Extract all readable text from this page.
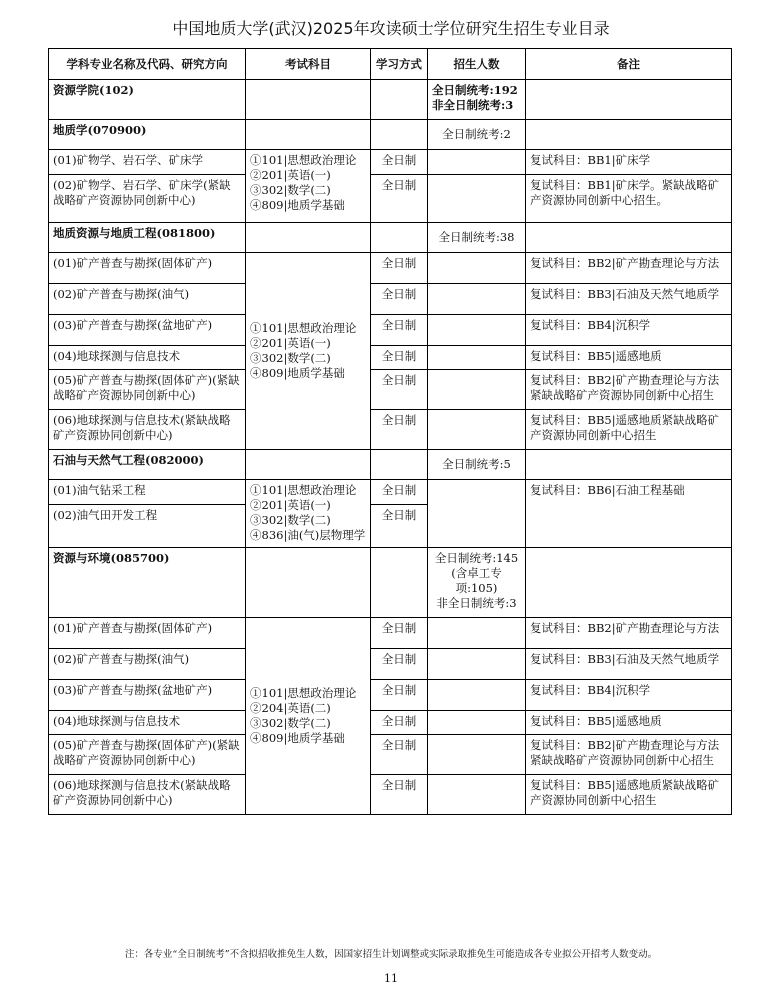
中国地质大学(武汉)2025年攻读硕士学位研究生招生专业目录
学科专业名称及代码、研究方向	考试科目	学习方式	招生人数	备注
资源学院(102)			全日制统考:192
非全日制统考:3	

地质学(070900)			全日制统考:2	
(01)矿物学、岩石学、矿床学	①101|思想政治理论
②201|英语(一)
③302|数学(二)
④809|地质学基础	全日制		复试科目：BB1|矿床学
(02)矿物学、岩石学、矿床学(紧缺战略矿产资源协同创新中心)		全日制		复试科目：BB1|矿床学。紧缺战略矿产资源协同创新中心招生。
地质资源与地质工程(081800)			全日制统考:38	
(01)矿产普查与勘探(固体矿产)	①101|思想政治理论
②201|英语(一)
③302|数学(二)
④809|地质学基础	全日制		复试科目：BB2|矿产勘查理论与方法
(02)矿产普查与勘探(油气)		全日制		复试科目：BB3|石油及天然气地质学
(03)矿产普查与勘探(盆地矿产)		全日制		复试科目：BB4|沉积学
(04)地球探测与信息技术		全日制		复试科目：BB5|遥感地质
(05)矿产普查与勘探(固体矿产)(紧缺战略矿产资源协同创新中心)		全日制		复试科目：BB2|矿产勘查理论与方法紧缺战略矿产资源协同创新中心招生
(06)地球探测与信息技术(紧缺战略矿产资源协同创新中心)		全日制		复试科目：BB5|遥感地质紧缺战略矿产资源协同创新中心招生
石油与天然气工程(082000)			全日制统考:5	
(01)油气钻采工程	①101|思想政治理论
②201|英语(一)
③302|数学(二)
④836|油(气)层物理学	全日制		复试科目：BB6|石油工程基础
(02)油气田开发工程		全日制		
资源与环境(085700)			全日制统考:145
(含卓工专
项:105)
非全日制统考:3	

(01)矿产普查与勘探(固体矿产)	①101|思想政治理论
②204|英语(二)
③302|数学(二)
④809|地质学基础	全日制		复试科目：BB2|矿产勘查理论与方法
(02)矿产普查与勘探(油气)		全日制		复试科目：BB3|石油及天然气地质学
(03)矿产普查与勘探(盆地矿产)		全日制		复试科目：BB4|沉积学
(04)地球探测与信息技术		全日制		复试科目：BB5|遥感地质
(05)矿产普查与勘探(固体矿产)(紧缺战略矿产资源协同创新中心)		全日制		复试科目：BB2|矿产勘查理论与方法紧缺战略矿产资源协同创新中心招生
(06)地球探测与信息技术(紧缺战略矿产资源协同创新中心)		全日制		复试科目：BB5|遥感地质紧缺战略矿产资源协同创新中心招生
注：各专业“全日制统考”不含拟招收推免生人数，因国家招生计划调整或实际录取推免生可能造成各专业拟公开招考人数变动。
11
